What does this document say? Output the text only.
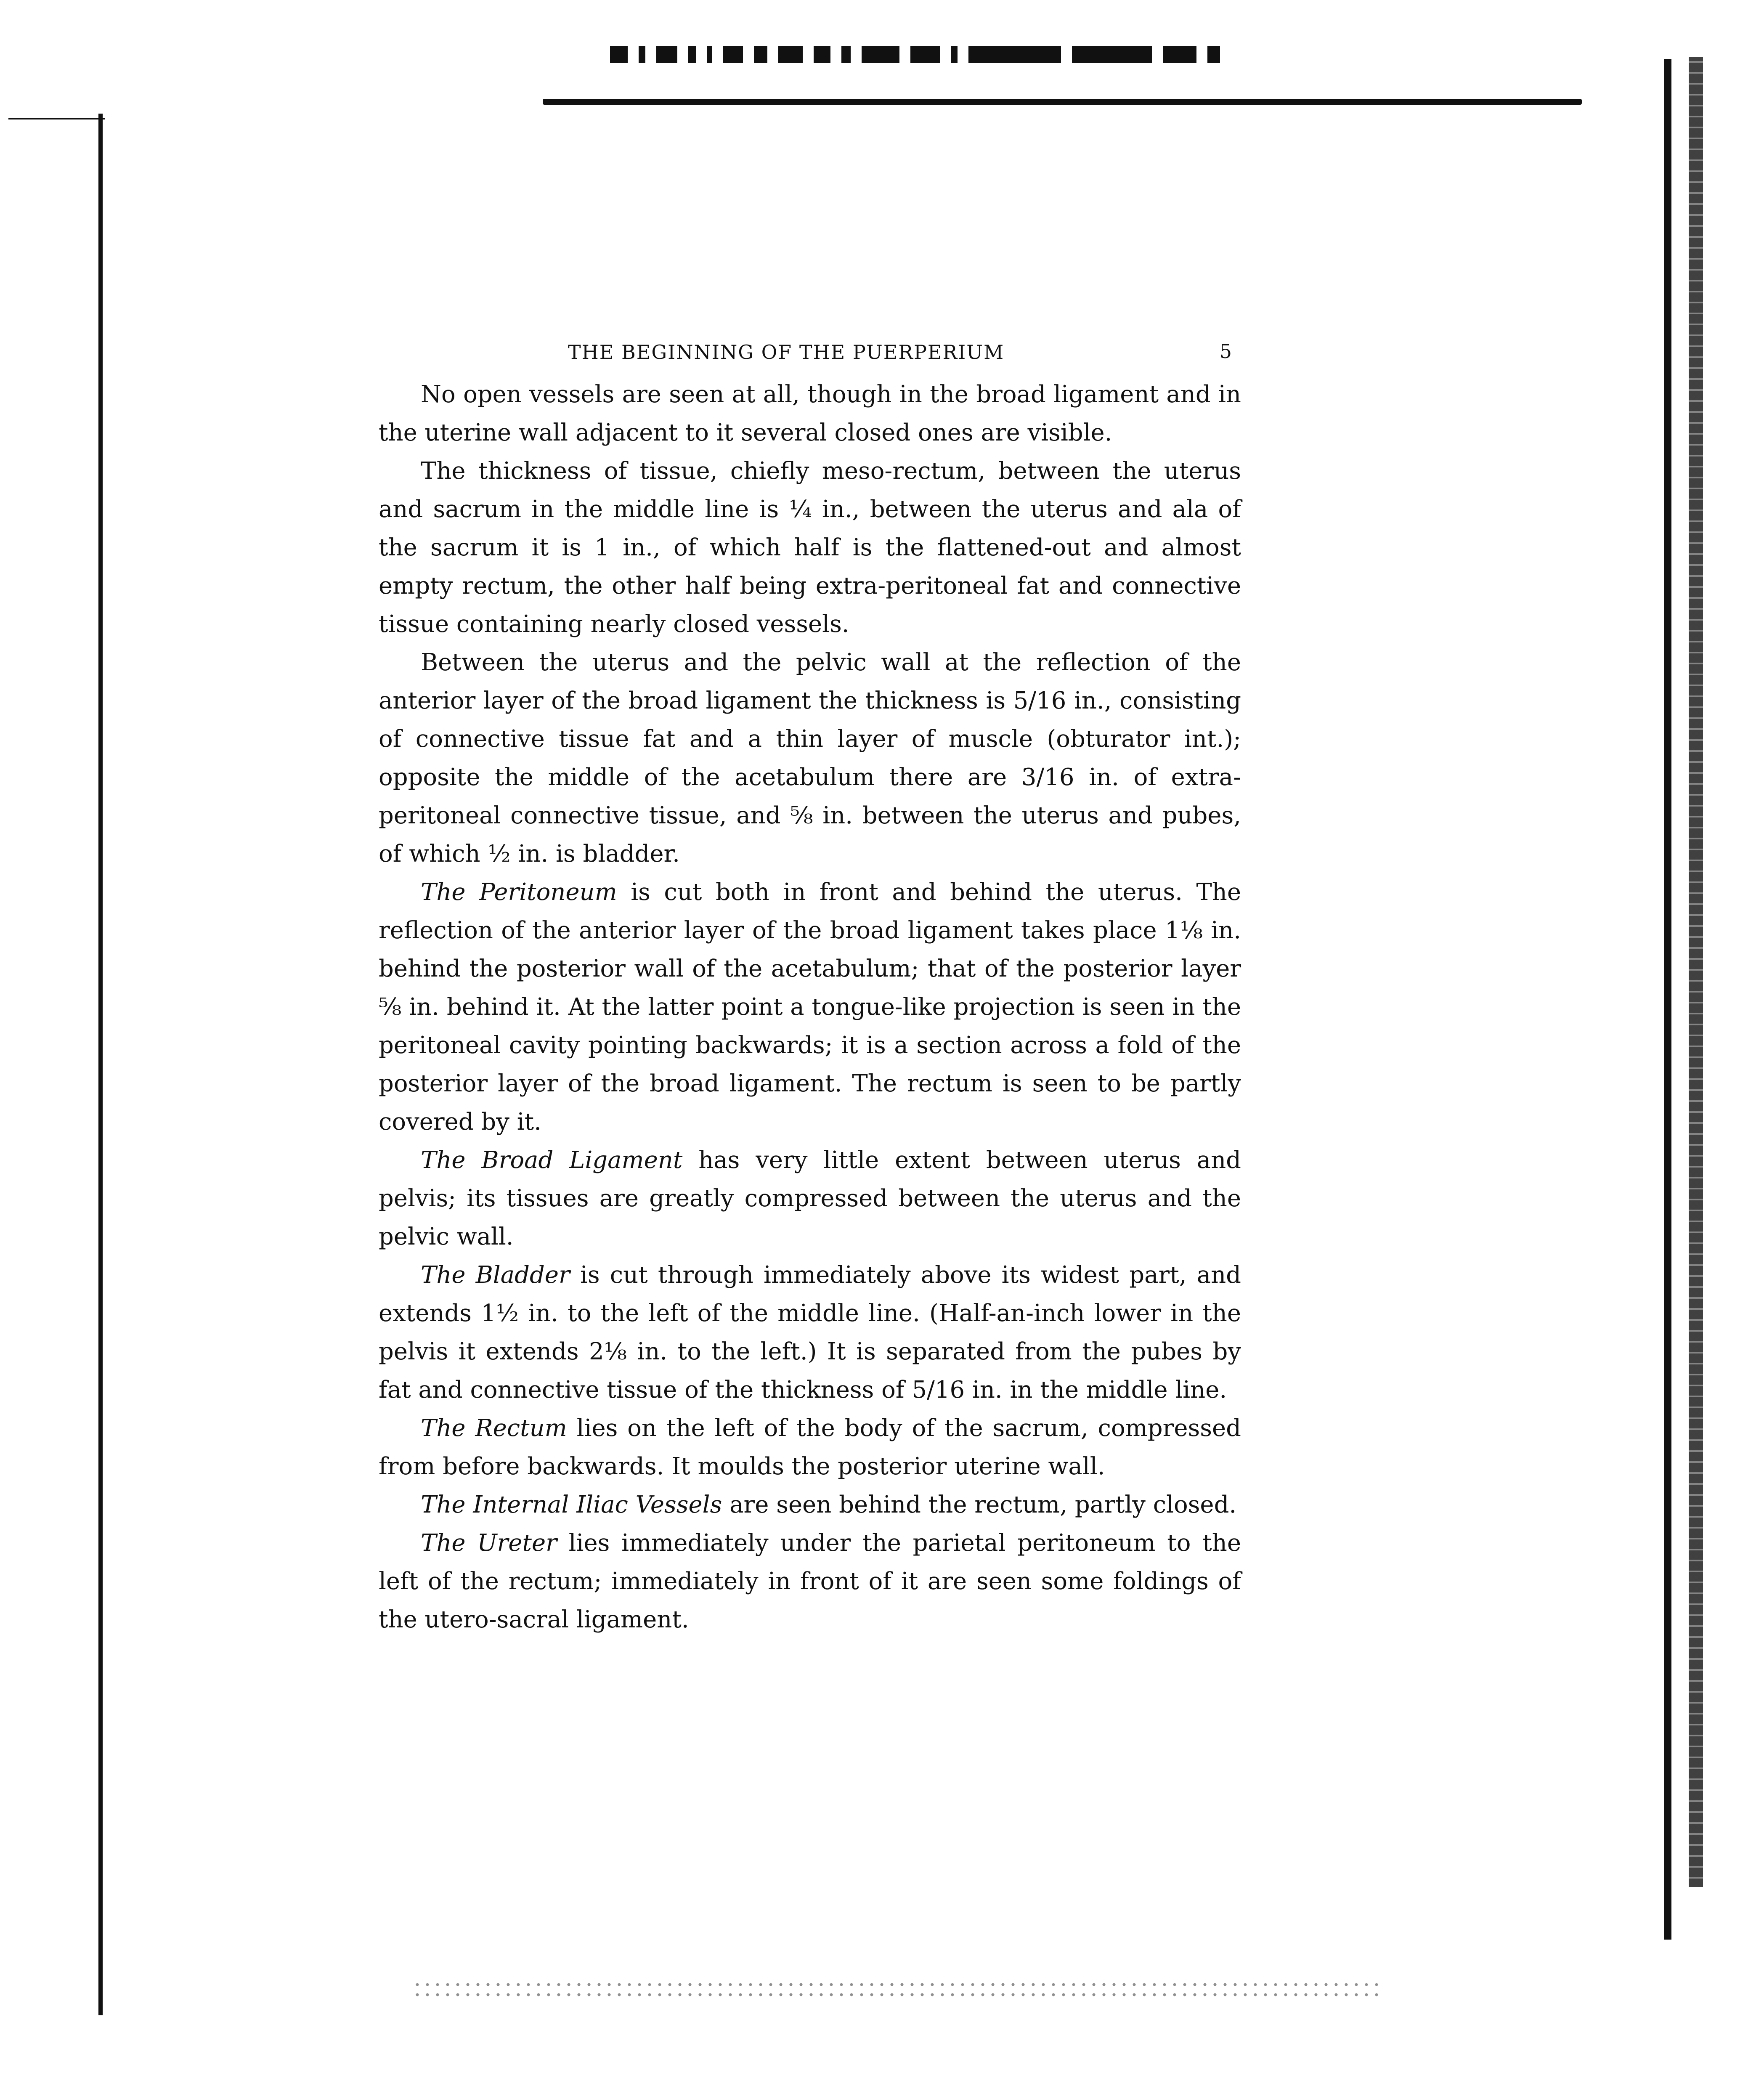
THE BEGINNING OF THE PUERPERIUM	5

No open vessels are seen at all, though in the broad ligament and in the uterine wall adjacent to it several closed ones are visible.

The thickness of tissue, chiefly meso-rectum, between the uterus and sacrum in the middle line is ¼ in., between the uterus and ala of the sacrum it is 1 in., of which half is the flattened-out and almost empty rectum, the other half being extra-peritoneal fat and connective tissue containing nearly closed vessels.

Between the uterus and the pelvic wall at the reflection of the anterior layer of the broad ligament the thickness is 5/16 in., consisting of connective tissue fat and a thin layer of muscle (obturator int.); opposite the middle of the acetabulum there are 3/16 in. of extra-peritoneal connective tissue, and ⅝ in. between the uterus and pubes, of which ½ in. is bladder.

The Peritoneum is cut both in front and behind the uterus. The reflection of the anterior layer of the broad ligament takes place 1⅛ in. behind the posterior wall of the acetabulum; that of the posterior layer ⅝ in. behind it. At the latter point a tongue-like projection is seen in the peritoneal cavity pointing backwards; it is a section across a fold of the posterior layer of the broad ligament. The rectum is seen to be partly covered by it.

The Broad Ligament has very little extent between uterus and pelvis; its tissues are greatly compressed between the uterus and the pelvic wall.

The Bladder is cut through immediately above its widest part, and extends 1½ in. to the left of the middle line. (Half-an-inch lower in the pelvis it extends 2⅛ in. to the left.) It is separated from the pubes by fat and connective tissue of the thickness of 5/16 in. in the middle line.

The Rectum lies on the left of the body of the sacrum, compressed from before backwards. It moulds the posterior uterine wall.

The Internal Iliac Vessels are seen behind the rectum, partly closed.

The Ureter lies immediately under the parietal peritoneum to the left of the rectum; immediately in front of it are seen some foldings of the utero-sacral ligament.
